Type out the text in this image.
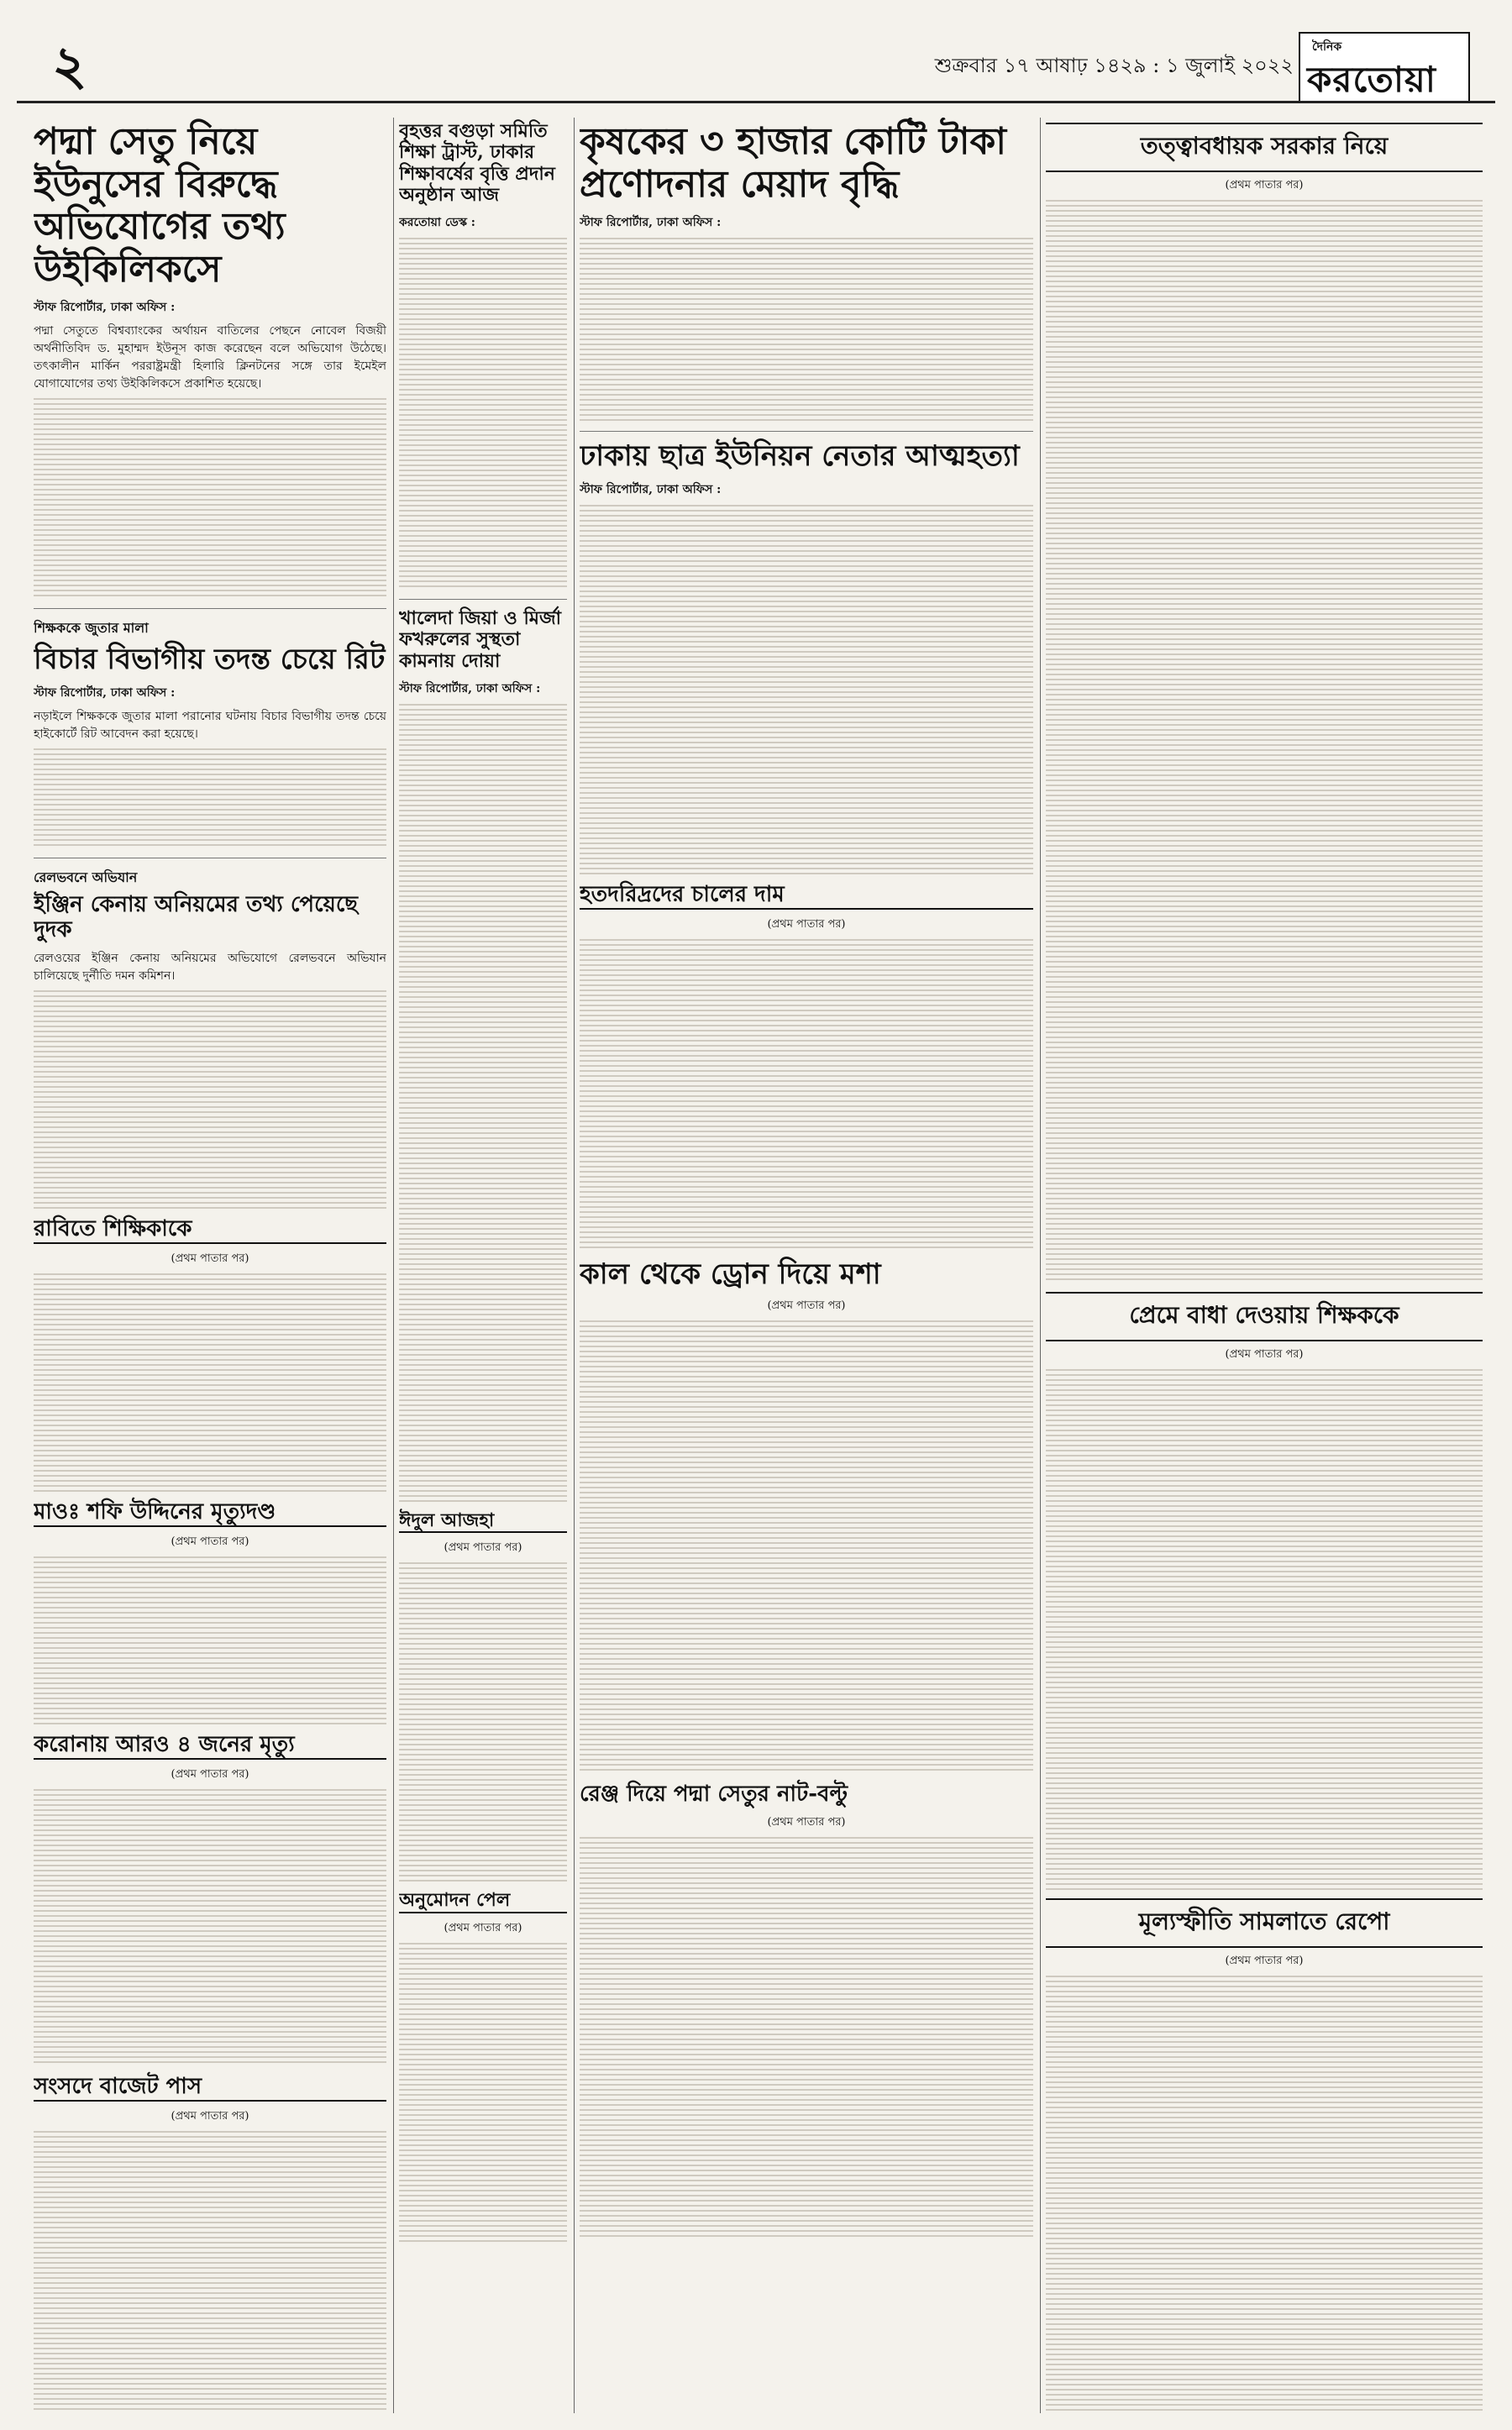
২	শুক্রবার ১৭ আষাঢ় ১৪২৯ : ১ জুলাই ২০২২
দৈনিক
করতোয়া
পদ্মা সেতু নিয়ে ইউনুসের বিরুদ্ধে অভিযোগের তথ্য উইকিলিকসে
স্টাফ রিপোর্টার, ঢাকা অফিস :

পদ্মা সেতুতে বিশ্বব্যাংকের অর্থায়ন বাতিলের পেছনে নোবেল বিজয়ী অর্থনীতিবিদ ড. মুহাম্মদ ইউনূস কাজ করেছেন বলে অভিযোগ উঠেছে। তৎকালীন মার্কিন পররাষ্ট্রমন্ত্রী হিলারি ক্লিনটনের সঙ্গে তার ইমেইল যোগাযোগের তথ্য উইকিলিকসে প্রকাশিত হয়েছে।

শিক্ষককে জুতার মালা
বিচার বিভাগীয় তদন্ত চেয়ে রিট
স্টাফ রিপোর্টার, ঢাকা অফিস :

নড়াইলে শিক্ষককে জুতার মালা পরানোর ঘটনায় বিচার বিভাগীয় তদন্ত চেয়ে হাইকোর্টে রিট আবেদন করা হয়েছে।

রেলভবনে অভিযান
ইঞ্জিন কেনায় অনিয়মের তথ্য পেয়েছে দুদক

রেলওয়ের ইঞ্জিন কেনায় অনিয়মের অভিযোগে রেলভবনে অভিযান চালিয়েছে দুর্নীতি দমন কমিশন।

রাবিতে শিক্ষিকাকে
(প্রথম পাতার পর)
মাওঃ শফি উদ্দিনের মৃত্যুদণ্ড
(প্রথম পাতার পর)
করোনায় আরও ৪ জনের মৃত্যু
(প্রথম পাতার পর)
সংসদে বাজেট পাস
(প্রথম পাতার পর)
বৃহত্তর বগুড়া সমিতি শিক্ষা ট্রাস্ট, ঢাকার শিক্ষাবর্ষের বৃত্তি প্রদান অনুষ্ঠান আজ
করতোয়া ডেস্ক :
খালেদা জিয়া ও মির্জা ফখরুলের সুস্থতা কামনায় দোয়া
স্টাফ রিপোর্টার, ঢাকা অফিস :
ঈদুল আজহা
(প্রথম পাতার পর)
অনুমোদন পেল
(প্রথম পাতার পর)
কৃষকের ৩ হাজার কোটি টাকা প্রণোদনার মেয়াদ বৃদ্ধি
স্টাফ রিপোর্টার, ঢাকা অফিস :
ঢাকায় ছাত্র ইউনিয়ন নেতার আত্মহত্যা
স্টাফ রিপোর্টার, ঢাকা অফিস :
হতদরিদ্রদের চালের দাম
(প্রথম পাতার পর)
কাল থেকে ড্রোন দিয়ে মশা
(প্রথম পাতার পর)
রেঞ্জ দিয়ে পদ্মা সেতুর নাট-বল্টু
(প্রথম পাতার পর)
তত্ত্বাবধায়ক সরকার নিয়ে
(প্রথম পাতার পর)
প্রেমে বাধা দেওয়ায় শিক্ষককে
(প্রথম পাতার পর)
মূল্যস্ফীতি সামলাতে রেপো
(প্রথম পাতার পর)
